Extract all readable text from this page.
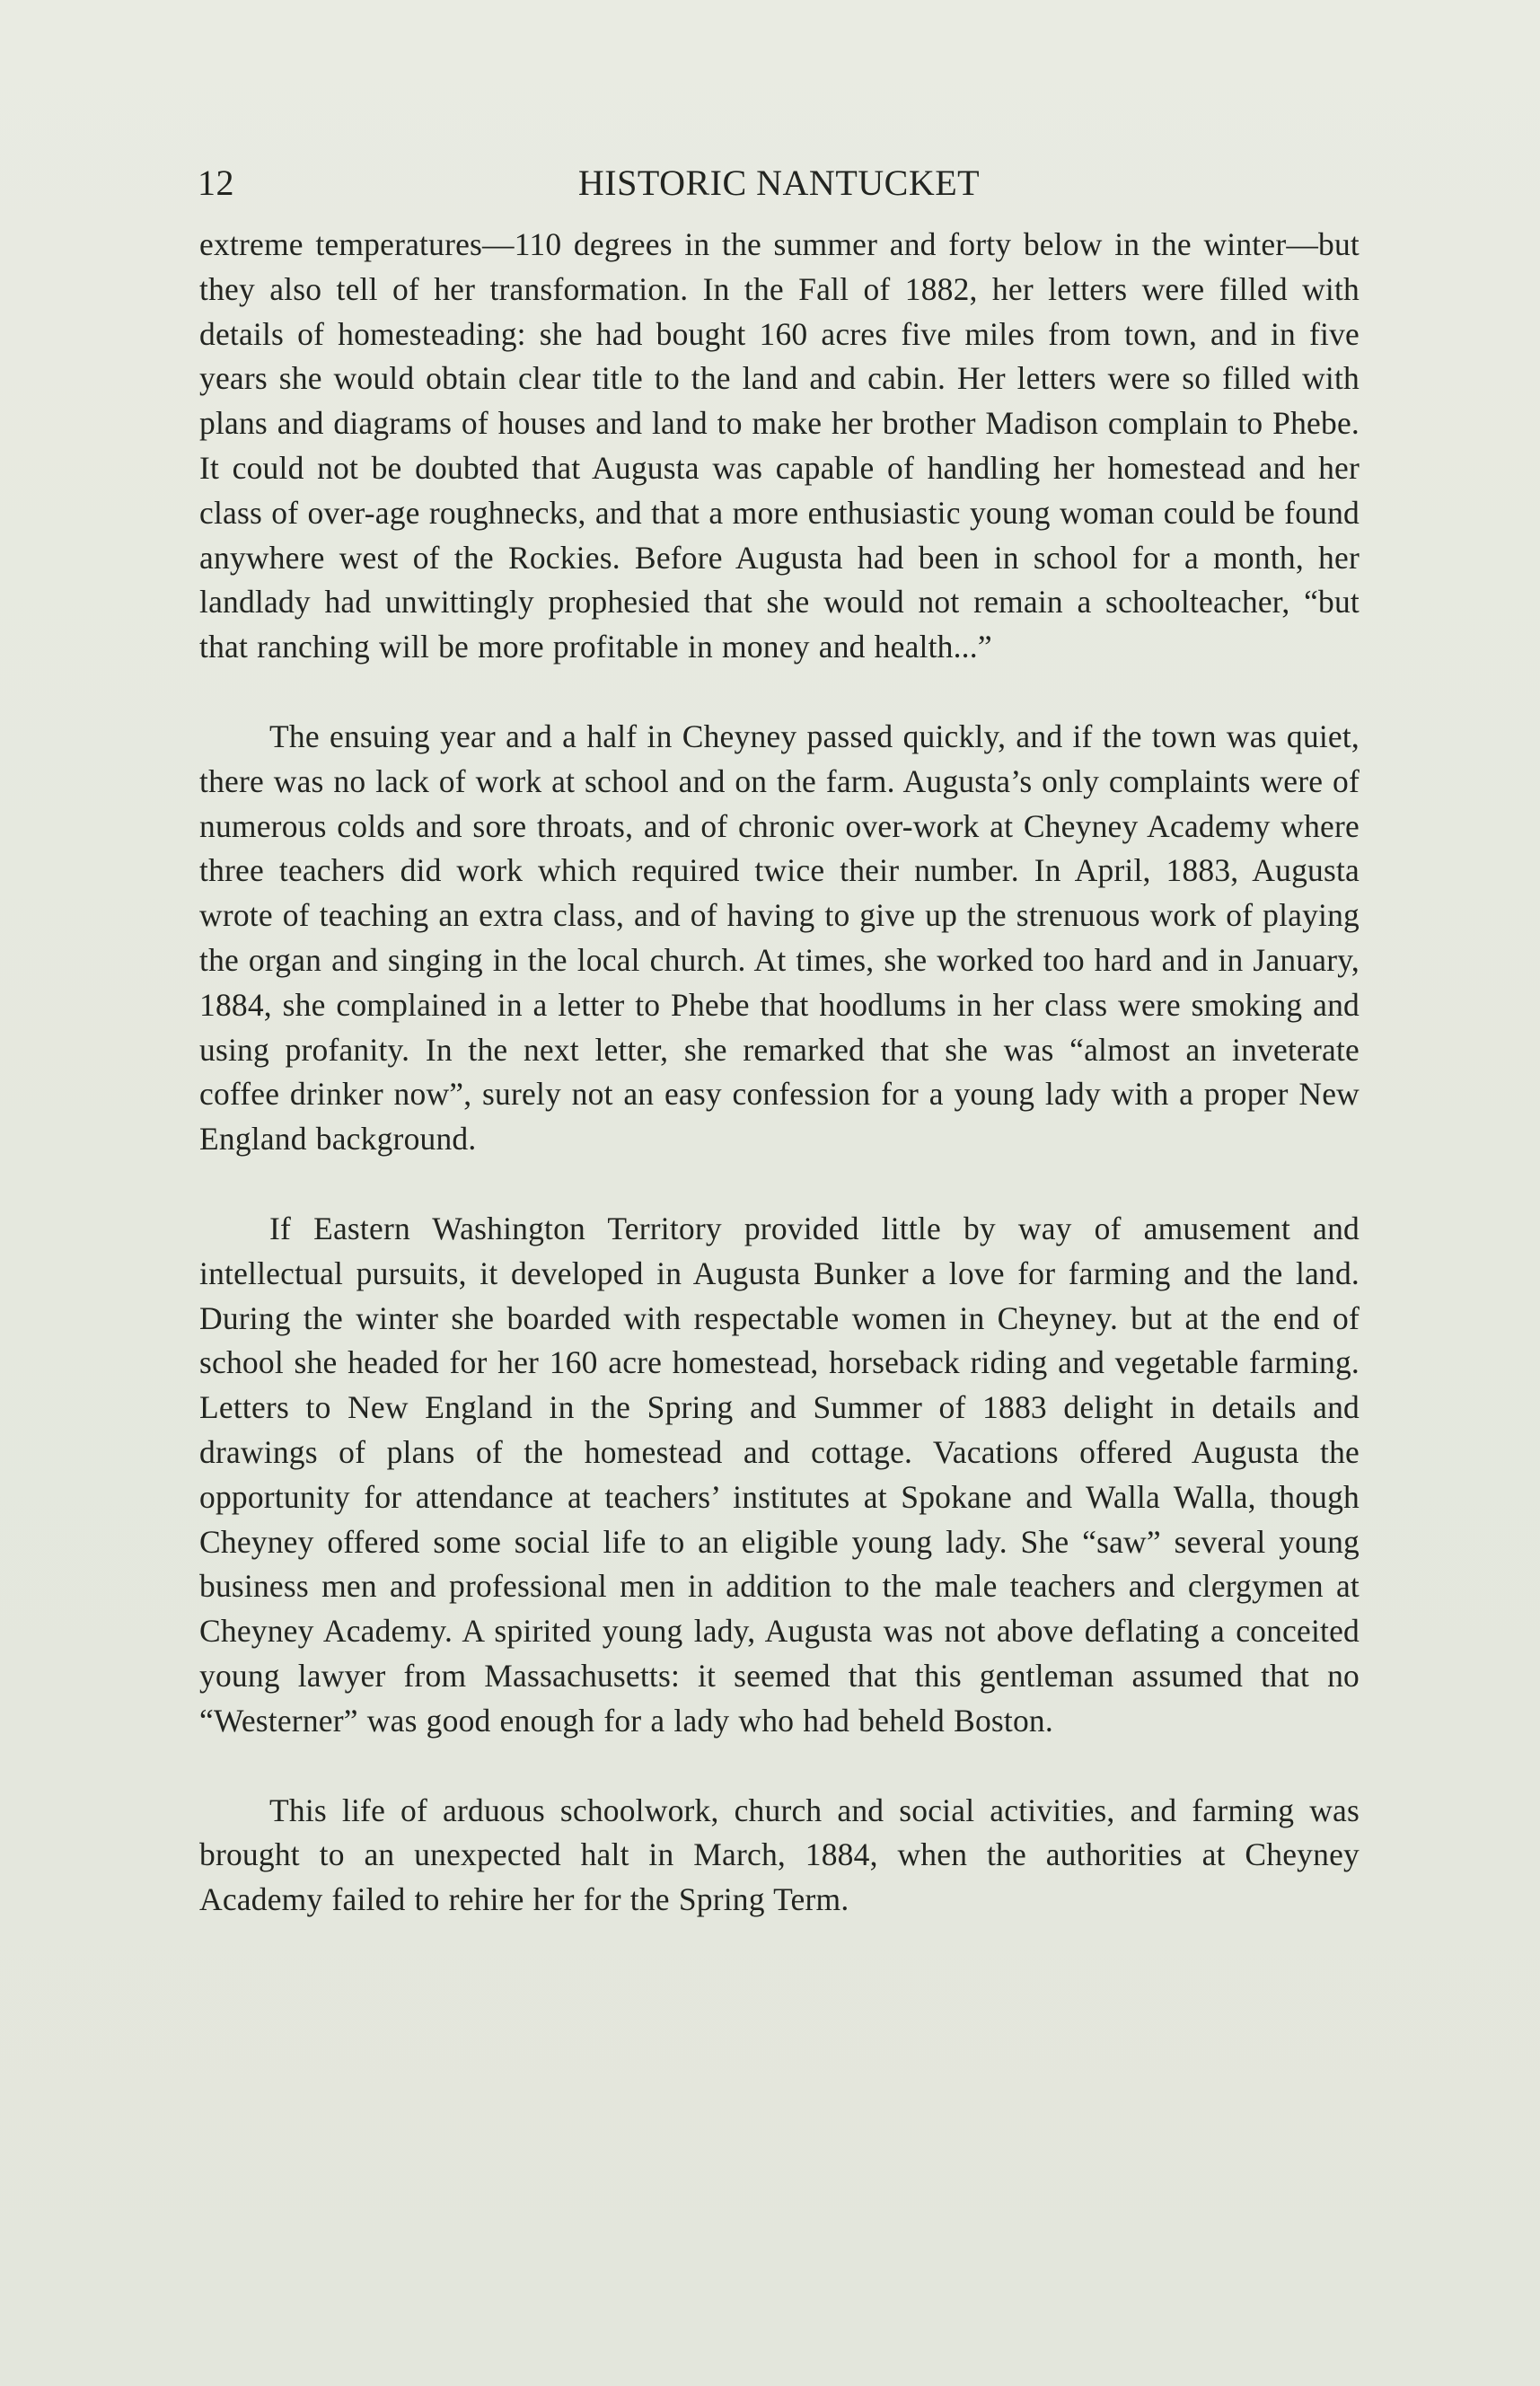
12	HISTORIC NANTUCKET

extreme temperatures—110 degrees in the summer and forty below in the winter—but they also tell of her transformation. In the Fall of 1882, her letters were filled with details of homesteading: she had bought 160 acres five miles from town, and in five years she would obtain clear title to the land and cabin. Her letters were so filled with plans and diagrams of houses and land to make her brother Madison complain to Phebe. It could not be doubted that Augusta was capable of handling her homestead and her class of over-age roughnecks, and that a more enthusiastic young woman could be found anywhere west of the Rockies. Before Augusta had been in school for a month, her landlady had unwittingly prophesied that she would not remain a schoolteacher, “but that ranching will be more profitable in money and health...”

The ensuing year and a half in Cheyney passed quickly, and if the town was quiet, there was no lack of work at school and on the farm. Augusta’s only complaints were of numerous colds and sore throats, and of chronic over-work at Cheyney Academy where three teachers did work which required twice their number. In April, 1883, Augusta wrote of teaching an extra class, and of having to give up the strenuous work of playing the organ and singing in the local church. At times, she worked too hard and in January, 1884, she complained in a letter to Phebe that hoodlums in her class were smoking and using profanity. In the next letter, she remarked that she was “almost an inveterate coffee drinker now”, surely not an easy confession for a young lady with a proper New England background.

If Eastern Washington Territory provided little by way of amusement and intellectual pursuits, it developed in Augusta Bunker a love for farming and the land. During the winter she boarded with respectable women in Cheyney. but at the end of school she headed for her 160 acre homestead, horseback riding and vegetable farming. Letters to New England in the Spring and Summer of 1883 delight in details and drawings of plans of the homestead and cottage. Vacations offered Augusta the opportunity for attendance at teachers’ institutes at Spokane and Walla Walla, though Cheyney offered some social life to an eligible young lady. She “saw” several young business men and professional men in addition to the male teachers and clergymen at Cheyney Academy. A spirited young lady, Augusta was not above deflating a conceited young lawyer from Massachusetts: it seemed that this gentleman assumed that no “Westerner” was good enough for a lady who had beheld Boston.

This life of arduous schoolwork, church and social activities, and farming was brought to an unexpected halt in March, 1884, when the authorities at Cheyney Academy failed to rehire her for the Spring Term.
